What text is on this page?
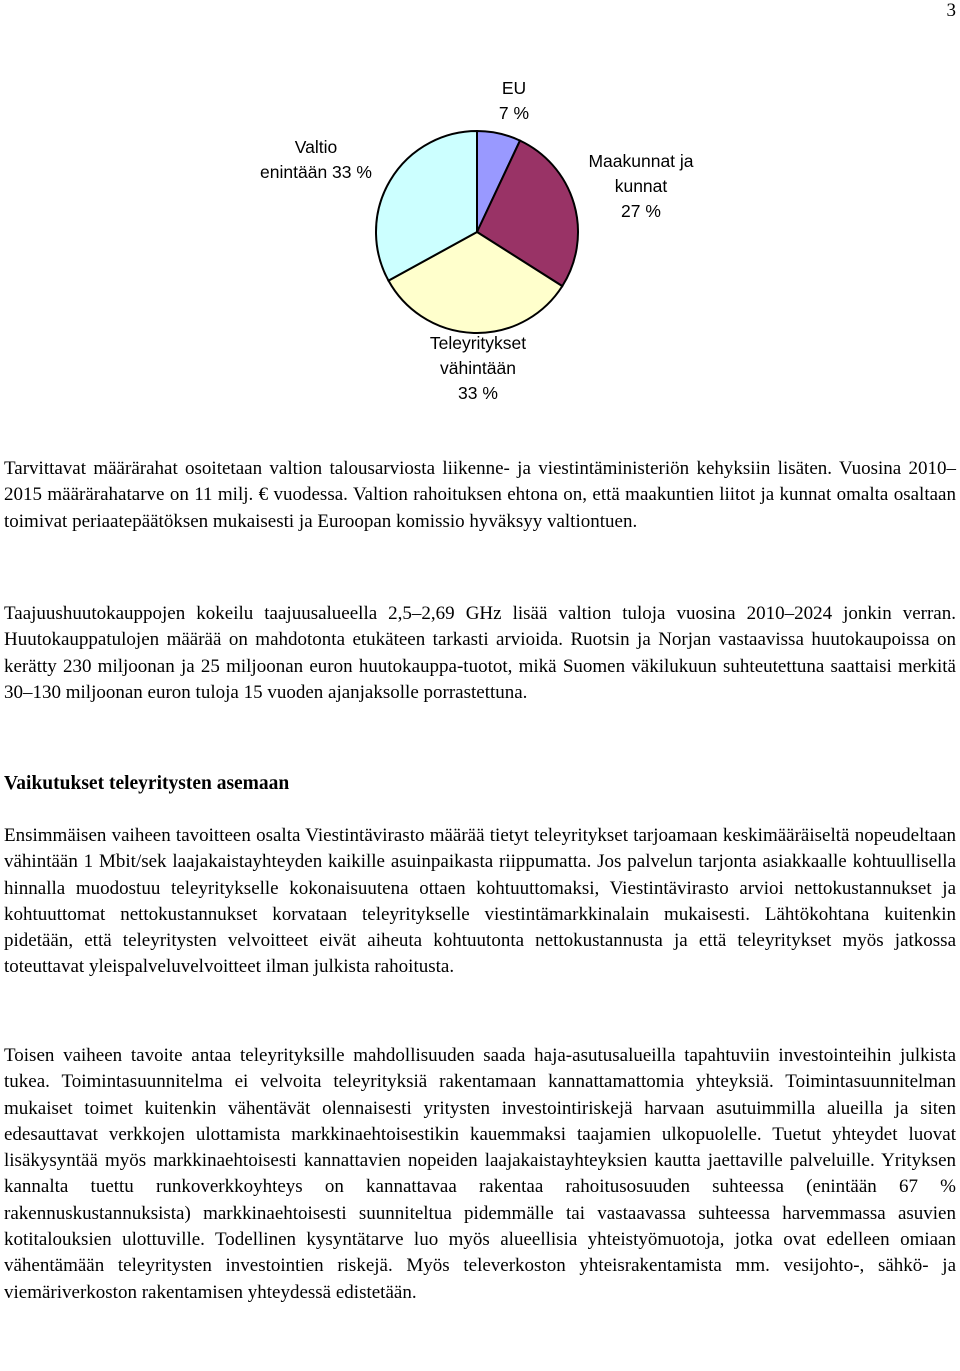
3
EU
7 %
Maakunnat ja
kunnat
27 %
Teleyritykset
vähintään
33 %
Valtio
enintään 33 %
Tarvittavat määrärahat osoitetaan valtion talousarviosta liikenne- ja viestintäministeriön kehyksiin lisäten. Vuosina 2010–2015 määrärahatarve on 11 milj. € vuodessa. Valtion rahoituksen ehtona on, että maakuntien liitot ja kunnat omalta osaltaan toimivat periaatepäätöksen mukaisesti ja Euroopan komissio hyväksyy valtiontuen.
Taajuushuutokauppojen kokeilu taajuusalueella 2,5–2,69 GHz lisää valtion tuloja vuosina 2010–2024 jonkin verran. Huutokauppatulojen määrää on mahdotonta etukäteen tarkasti arvioida. Ruotsin ja Norjan vastaavissa huutokaupoissa on kerätty 230 miljoonan ja 25 miljoonan euron huutokauppa-tuotot, mikä Suomen väkilukuun suhteutettuna saattaisi merkitä 30–130 miljoonan euron tuloja 15 vuoden ajanjaksolle porrastettuna.
Vaikutukset teleyritysten asemaan
Ensimmäisen vaiheen tavoitteen osalta Viestintävirasto määrää tietyt teleyritykset tarjoamaan keskimääräiseltä nopeudeltaan vähintään 1 Mbit/sek laajakaistayhteyden kaikille asuinpaikasta riippumatta. Jos palvelun tarjonta asiakkaalle kohtuullisella hinnalla muodostuu teleyritykselle kokonaisuutena ottaen kohtuuttomaksi, Viestintävirasto arvioi nettokustannukset ja kohtuuttomat nettokustannukset korvataan teleyritykselle viestintämarkkinalain mukaisesti. Lähtökohtana kuitenkin pidetään, että teleyritysten velvoitteet eivät aiheuta kohtuutonta nettokustannusta ja että teleyritykset myös jatkossa toteuttavat yleispalveluvelvoitteet ilman julkista rahoitusta.
Toisen vaiheen tavoite antaa teleyrityksille mahdollisuuden saada haja-asutusalueilla tapahtuviin investointeihin julkista tukea. Toimintasuunnitelma ei velvoita teleyrityksiä rakentamaan kannattamattomia yhteyksiä. Toimintasuunnitelman mukaiset toimet kuitenkin vähentävät olennaisesti yritysten investointiriskejä harvaan asutuimmilla alueilla ja siten edesauttavat verkkojen ulottamista markkinaehtoisestikin kauemmaksi taajamien ulkopuolelle. Tuetut yhteydet luovat lisäkysyntää myös markkinaehtoisesti kannattavien nopeiden laajakaistayhteyksien kautta jaettaville palveluille. Yrityksen kannalta tuettu runkoverkkoyhteys on kannattavaa rakentaa rahoitusosuuden suhteessa (enintään 67 % rakennuskustannuksista) markkinaehtoisesti suunniteltua pidemmälle tai vastaavassa suhteessa harvemmassa asuvien kotitalouksien ulottuville. Todellinen kysyntätarve luo myös alueellisia yhteistyömuotoja, jotka ovat edelleen omiaan vähentämään teleyritysten investointien riskejä. Myös televerkoston yhteisrakentamista mm. vesijohto-, sähkö- ja viemäriverkoston rakentamisen yhteydessä edistetään.
